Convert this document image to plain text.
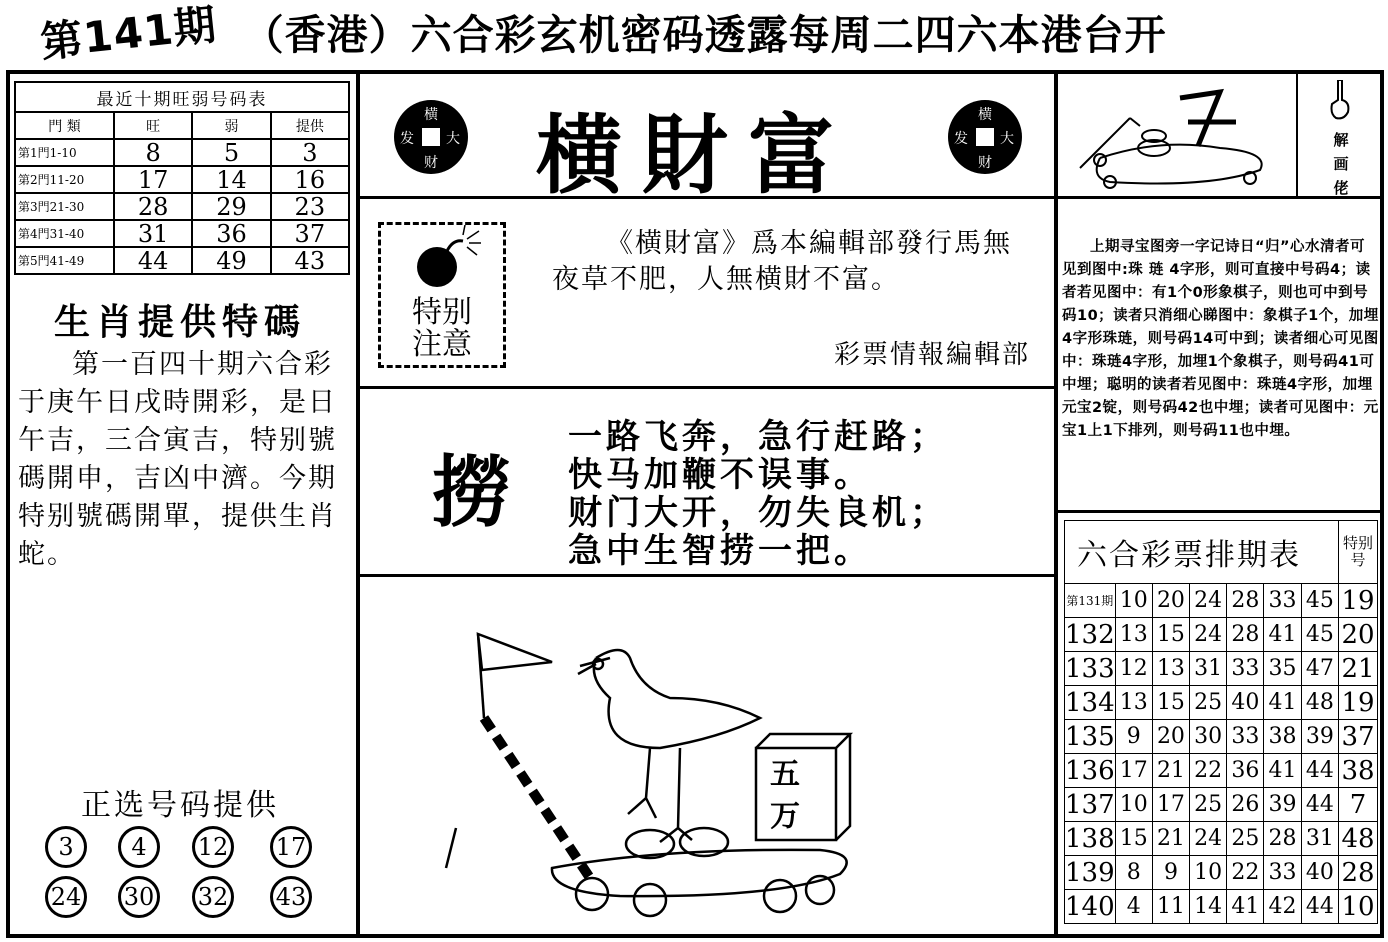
第141期 （香港）六合彩玄机密码透露每周二四六本港台开
最近十期旺弱号码表			
門 類	旺	弱	提供
第1門1-10	8	5	3
第2門11-20	17	14	16
第3門21-30	28	29	23
第4門31-40	31	36	37
第5門41-49	44	49	43
生肖提供特碼
第一百四十期六合彩于庚午日戌時開彩，是日午吉，三合寅吉，特别號碼開申，吉凶中濟。今期特别號碼開單，提供生肖蛇。
正选号码提供
3	4	12 17
24 30 32 43
横
发 大
财	横財富	横
发 大
财
特别
注意
《横財富》爲本編輯部發行馬無夜草不肥，人無横財不富。
彩票情報編輯部
撈
一路飞奔，急行赶路；
快马加鞭不误事。
财门大开，勿失良机；
急中生智捞一把。
五
万
解
画
佬
上期寻宝图旁一字记诗日“归”心水清者可见到图中:珠 琏 4字形，则可直接中号码4；读者若见图中：有1个0形象棋子，则也可中到号码10；读者只消细心睇图中：象棋子1个，加埋4字形珠琏，则号码14可中到；读者细心可见图中：珠琏4字形，加埋1个象棋子，则号码41可中埋；聪明的读者若见图中：珠琏4字形，加埋元宝2锭，则号码42也中埋；读者可见图中：元宝1上1下排列，则号码11也中埋。
六合彩票排期表							特别号
第131期	10	20	24	28	33	45	19
132	13	15	24	28	41	45	20
133	12	13	31	33	35	47	21
134	13	15	25	40	41	48	19
135	9	20	30	33	38	39	37
136	17	21	22	36	41	44	38
137	10	17	25	26	39	44	7
138	15	21	24	25	28	31	48
139	8	9	10	22	33	40	28
140	4	11	14	41	42	44	10
